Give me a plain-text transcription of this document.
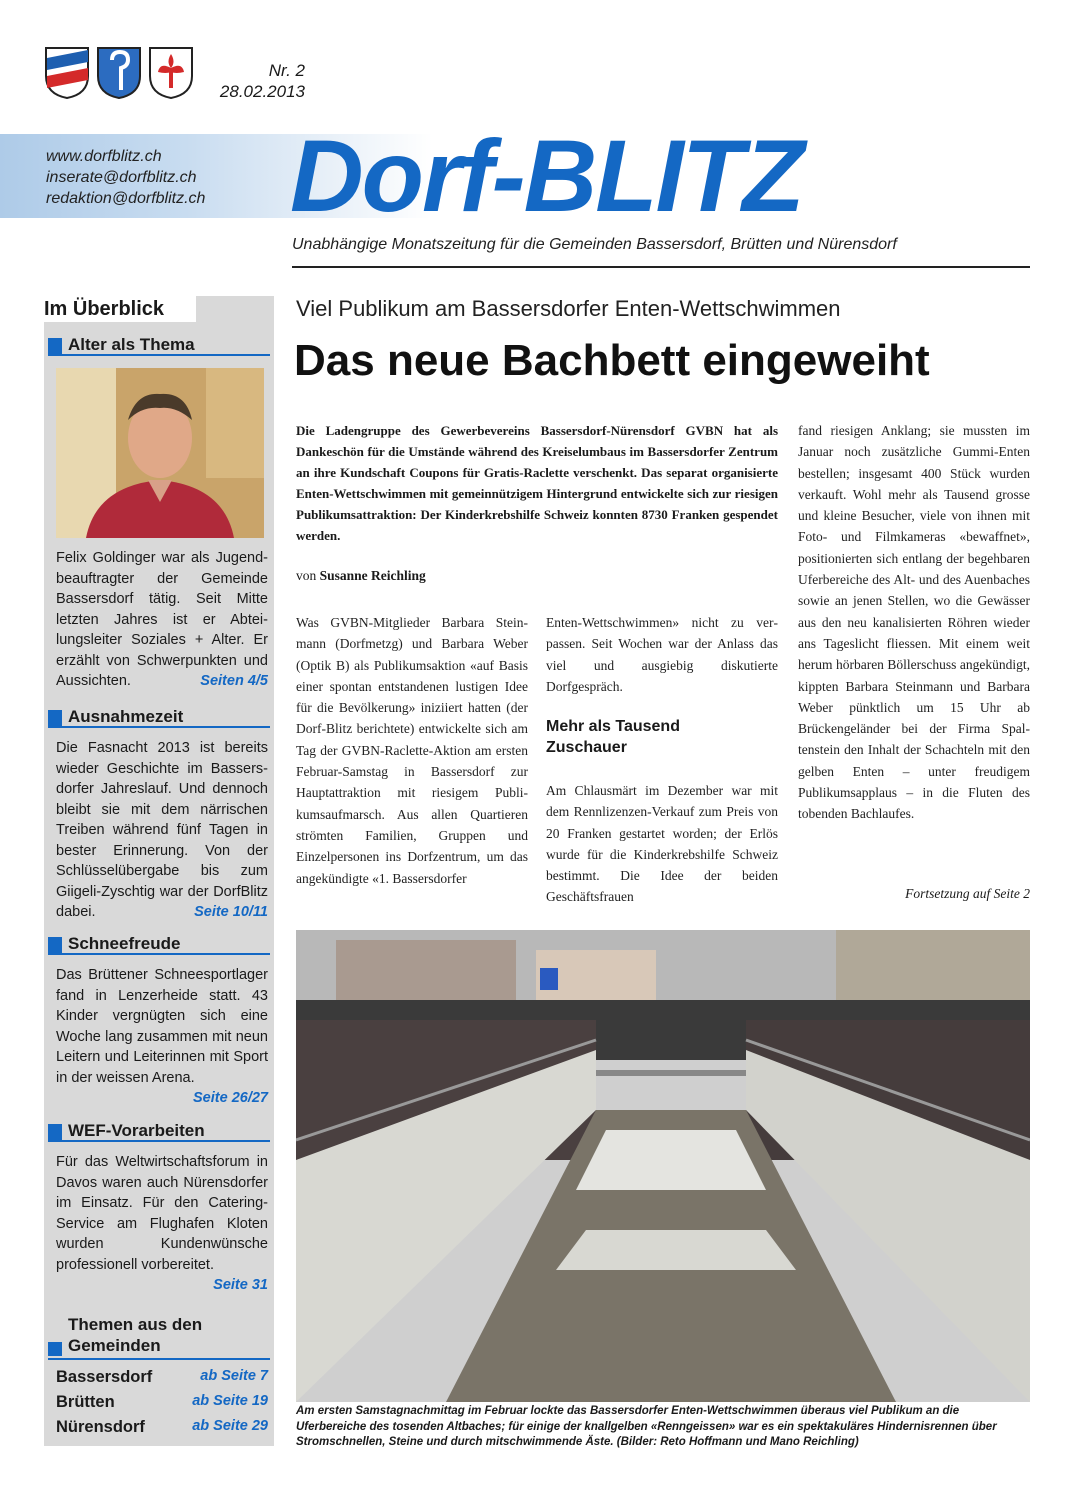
Nr. 2
28.02.2013
www.dorfblitz.ch
inserate@dorfblitz.ch
redaktion@dorfblitz.ch Dorf-BLITZ
Unabhängige Monatszeitung für die Gemeinden Bassersdorf, Brütten und Nürensdorf
Im Überblick
Alter als Thema
Felix Goldinger war als Jugendbeauftragter der Gemeinde Bassersdorf tätig. Seit Mitte letzten Jahres ist er Abteilungsleiter Soziales + Alter. Er erzählt von Schwerpunkten und Aussichten.	Seiten 4/5
Ausnahmezeit
Die Fasnacht 2013 ist bereits wieder Geschichte im Bassersdorfer Jahreslauf. Und dennoch bleibt sie mit dem närrischen Treiben während fünf Tagen in bester Erinnerung. Von der Schlüsselübergabe bis zum Giigeli-Zyschtig war der DorfBlitz dabei.	Seite 10/11
Schneefreude
Das Brüttener Schneesportlager fand in Lenzerheide statt. 43 Kinder vergnügten sich eine Woche lang zusammen mit neun Leitern und Leiterinnen mit Sport in der weissen Arena.
Seite 26/27
WEF-Vorarbeiten
Für das Weltwirtschaftsforum in Davos waren auch Nürensdorfer im Einsatz. Für den Catering-Service am Flughafen Kloten wurden Kundenwünsche professionell vorbereitet.
Seite 31
Themen aus den Gemeinden
Bassersdorf	ab Seite 7
Brütten	ab Seite 19
Nürensdorf	ab Seite 29
Viel Publikum am Bassersdorfer Enten-Wettschwimmen
Das neue Bachbett eingeweiht
Die Ladengruppe des Gewerbevereins Bassersdorf-Nürensdorf GVBN hat als Dankeschön für die Umstände während des Kreiselumbaus im Bassersdorfer Zentrum an ihre Kundschaft Coupons für Gratis-Raclette verschenkt. Das separat organisierte Enten-Wettschwimmen mit gemeinnützigem Hintergrund entwickelte sich zur riesigen Publikumsattraktion: Der Kinderkrebshilfe Schweiz konnten 8730 Franken gespendet werden.
von Susanne Reichling
Was GVBN-Mitglieder Barbara Steinmann (Dorfmetzg) und Barbara Weber (Optik B) als Publikumsaktion «auf Basis einer spontan entstandenen lustigen Idee für die Bevölkerung» iniziiert hatten (der Dorf-Blitz berichtete) entwickelte sich am Tag der GVBN-Raclette-Aktion am ersten Februar-Samstag in Bassersdorf zur Hauptattraktion mit riesigem Publikumsaufmarsch. Aus allen Quartieren strömten Familien, Gruppen und Einzelpersonen ins Dorfzentrum, um das angekündigte «1. Bassersdorfer
Enten-Wettschwimmen» nicht zu verpassen. Seit Wochen war der Anlass das viel und ausgiebig diskutierte Dorfgespräch.
Mehr als Tausend Zuschauer
Am Chlausmärt im Dezember war mit dem Rennlizenzen-Verkauf zum Preis von 20 Franken gestartet worden; der Erlös wurde für die Kinderkrebshilfe Schweiz bestimmt. Die Idee der beiden Geschäftsfrauen
fand riesigen Anklang; sie mussten im Januar noch zusätzliche Gummi-Enten bestellen; insgesamt 400 Stück wurden verkauft. Wohl mehr als Tausend grosse und kleine Besucher, viele von ihnen mit Foto- und Filmkameras «bewaffnet», positionierten sich entlang der begehbaren Uferbereiche des Alt- und des Auenbaches sowie an jenen Stellen, wo die Gewässer aus den neu kanalisierten Röhren wieder ans Tageslicht fliessen. Mit einem weit herum hörbaren Böllerschuss angekündigt, kippten Barbara Steinmann und Barbara Weber pünktlich um 15 Uhr ab Brückengeländer bei der Firma Spaltenstein den Inhalt der Schachteln mit den gelben Enten – unter freudigem Publikumsapplaus – in die Fluten des tobenden Bachlaufes.
Fortsetzung auf Seite 2
Am ersten Samstagnachmittag im Februar lockte das Bassersdorfer Enten-Wettschwimmen überaus viel Publikum an die Uferbereiche des tosenden Altbaches; für einige der knallgelben «Renngeissen» war es ein spektakuläres Hindernisrennen über Stromschnellen, Steine und durch mitschwimmende Äste. (Bilder: Reto Hoffmann und Mano Reichling)
